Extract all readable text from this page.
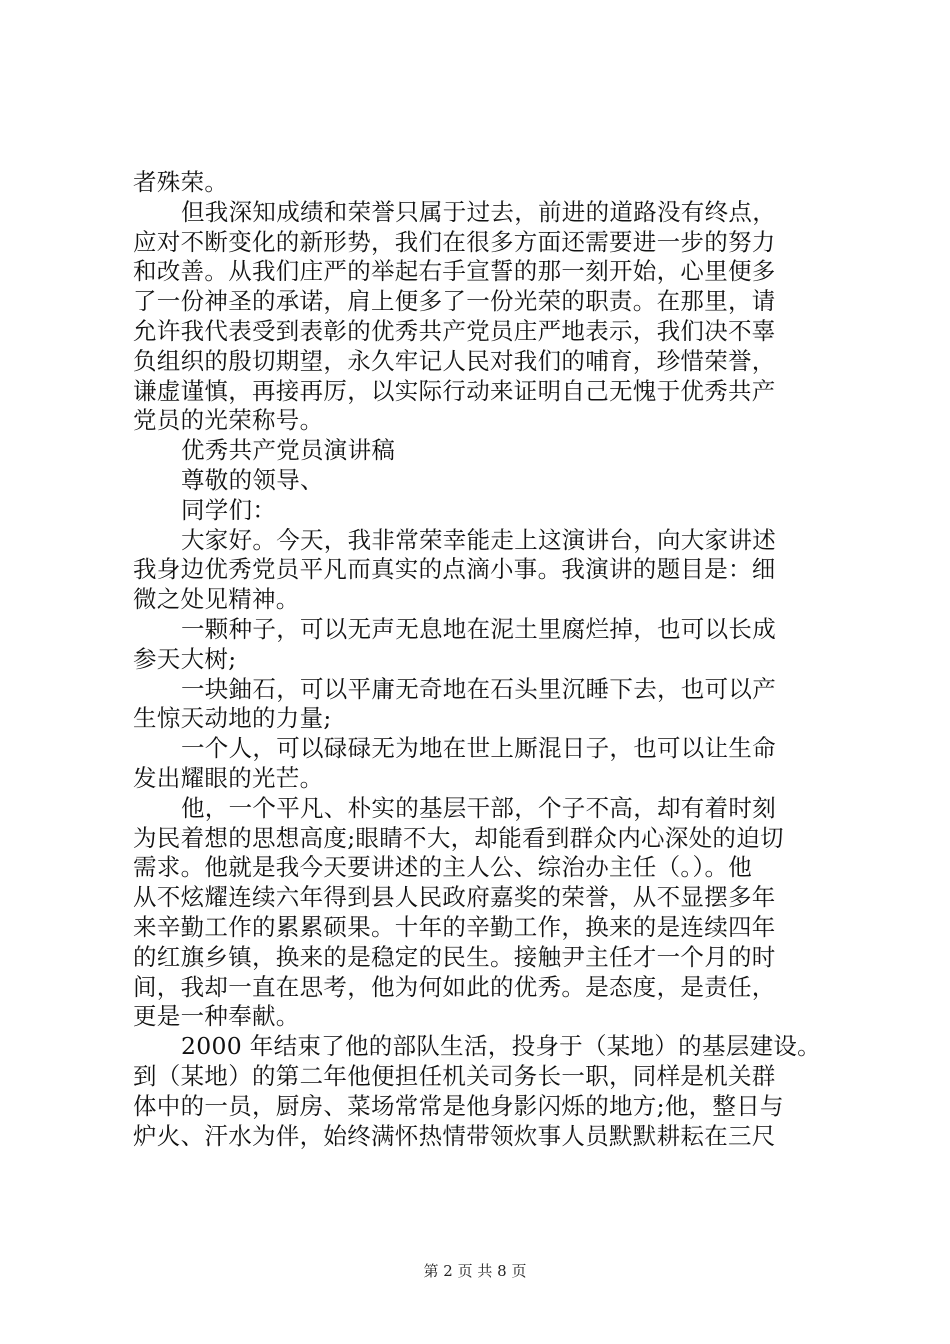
者殊荣。
但我深知成绩和荣誉只属于过去，前进的道路没有终点，
应对不断变化的新形势，我们在很多方面还需要进一步的努力
和改善。从我们庄严的举起右手宣誓的那一刻开始，心里便多
了一份神圣的承诺，肩上便多了一份光荣的职责。在那里，请
允许我代表受到表彰的优秀共产党员庄严地表示，我们决不辜
负组织的殷切期望，永久牢记人民对我们的哺育，珍惜荣誉，
谦虚谨慎，再接再厉，以实际行动来证明自己无愧于优秀共产
党员的光荣称号。
优秀共产党员演讲稿
尊敬的领导、
同学们：
大家好。今天，我非常荣幸能走上这演讲台，向大家讲述
我身边优秀党员平凡而真实的点滴小事。我演讲的题目是：细
微之处见精神。
一颗种子，可以无声无息地在泥土里腐烂掉，也可以长成
参天大树;
一块鈾石，可以平庸无奇地在石头里沉睡下去，也可以产
生惊天动地的力量;
一个人，可以碌碌无为地在世上厮混日子，也可以让生命
发出耀眼的光芒。
他，一个平凡、朴实的基层干部，个子不高，却有着时刻
为民着想的思想高度;眼睛不大，却能看到群众内心深处的迫切
需求。他就是我今天要讲述的主人公、综治办主任（。）。他
从不炫耀连续六年得到县人民政府嘉奖的荣誉，从不显摆多年
来辛勤工作的累累硕果。十年的辛勤工作，换来的是连续四年
的红旗乡镇，换来的是稳定的民生。接触尹主任才一个月的时
间，我却一直在思考，他为何如此的优秀。是态度，是责任，
更是一种奉献。
2000 年结束了他的部队生活，投身于（某地）的基层建设。
到（某地）的第二年他便担任机关司务长一职，同样是机关群
体中的一员，厨房、菜场常常是他身影闪烁的地方;他，整日与
炉火、汗水为伴，始终满怀热情带领炊事人员默默耕耘在三尺
第 2 页 共 8 页
